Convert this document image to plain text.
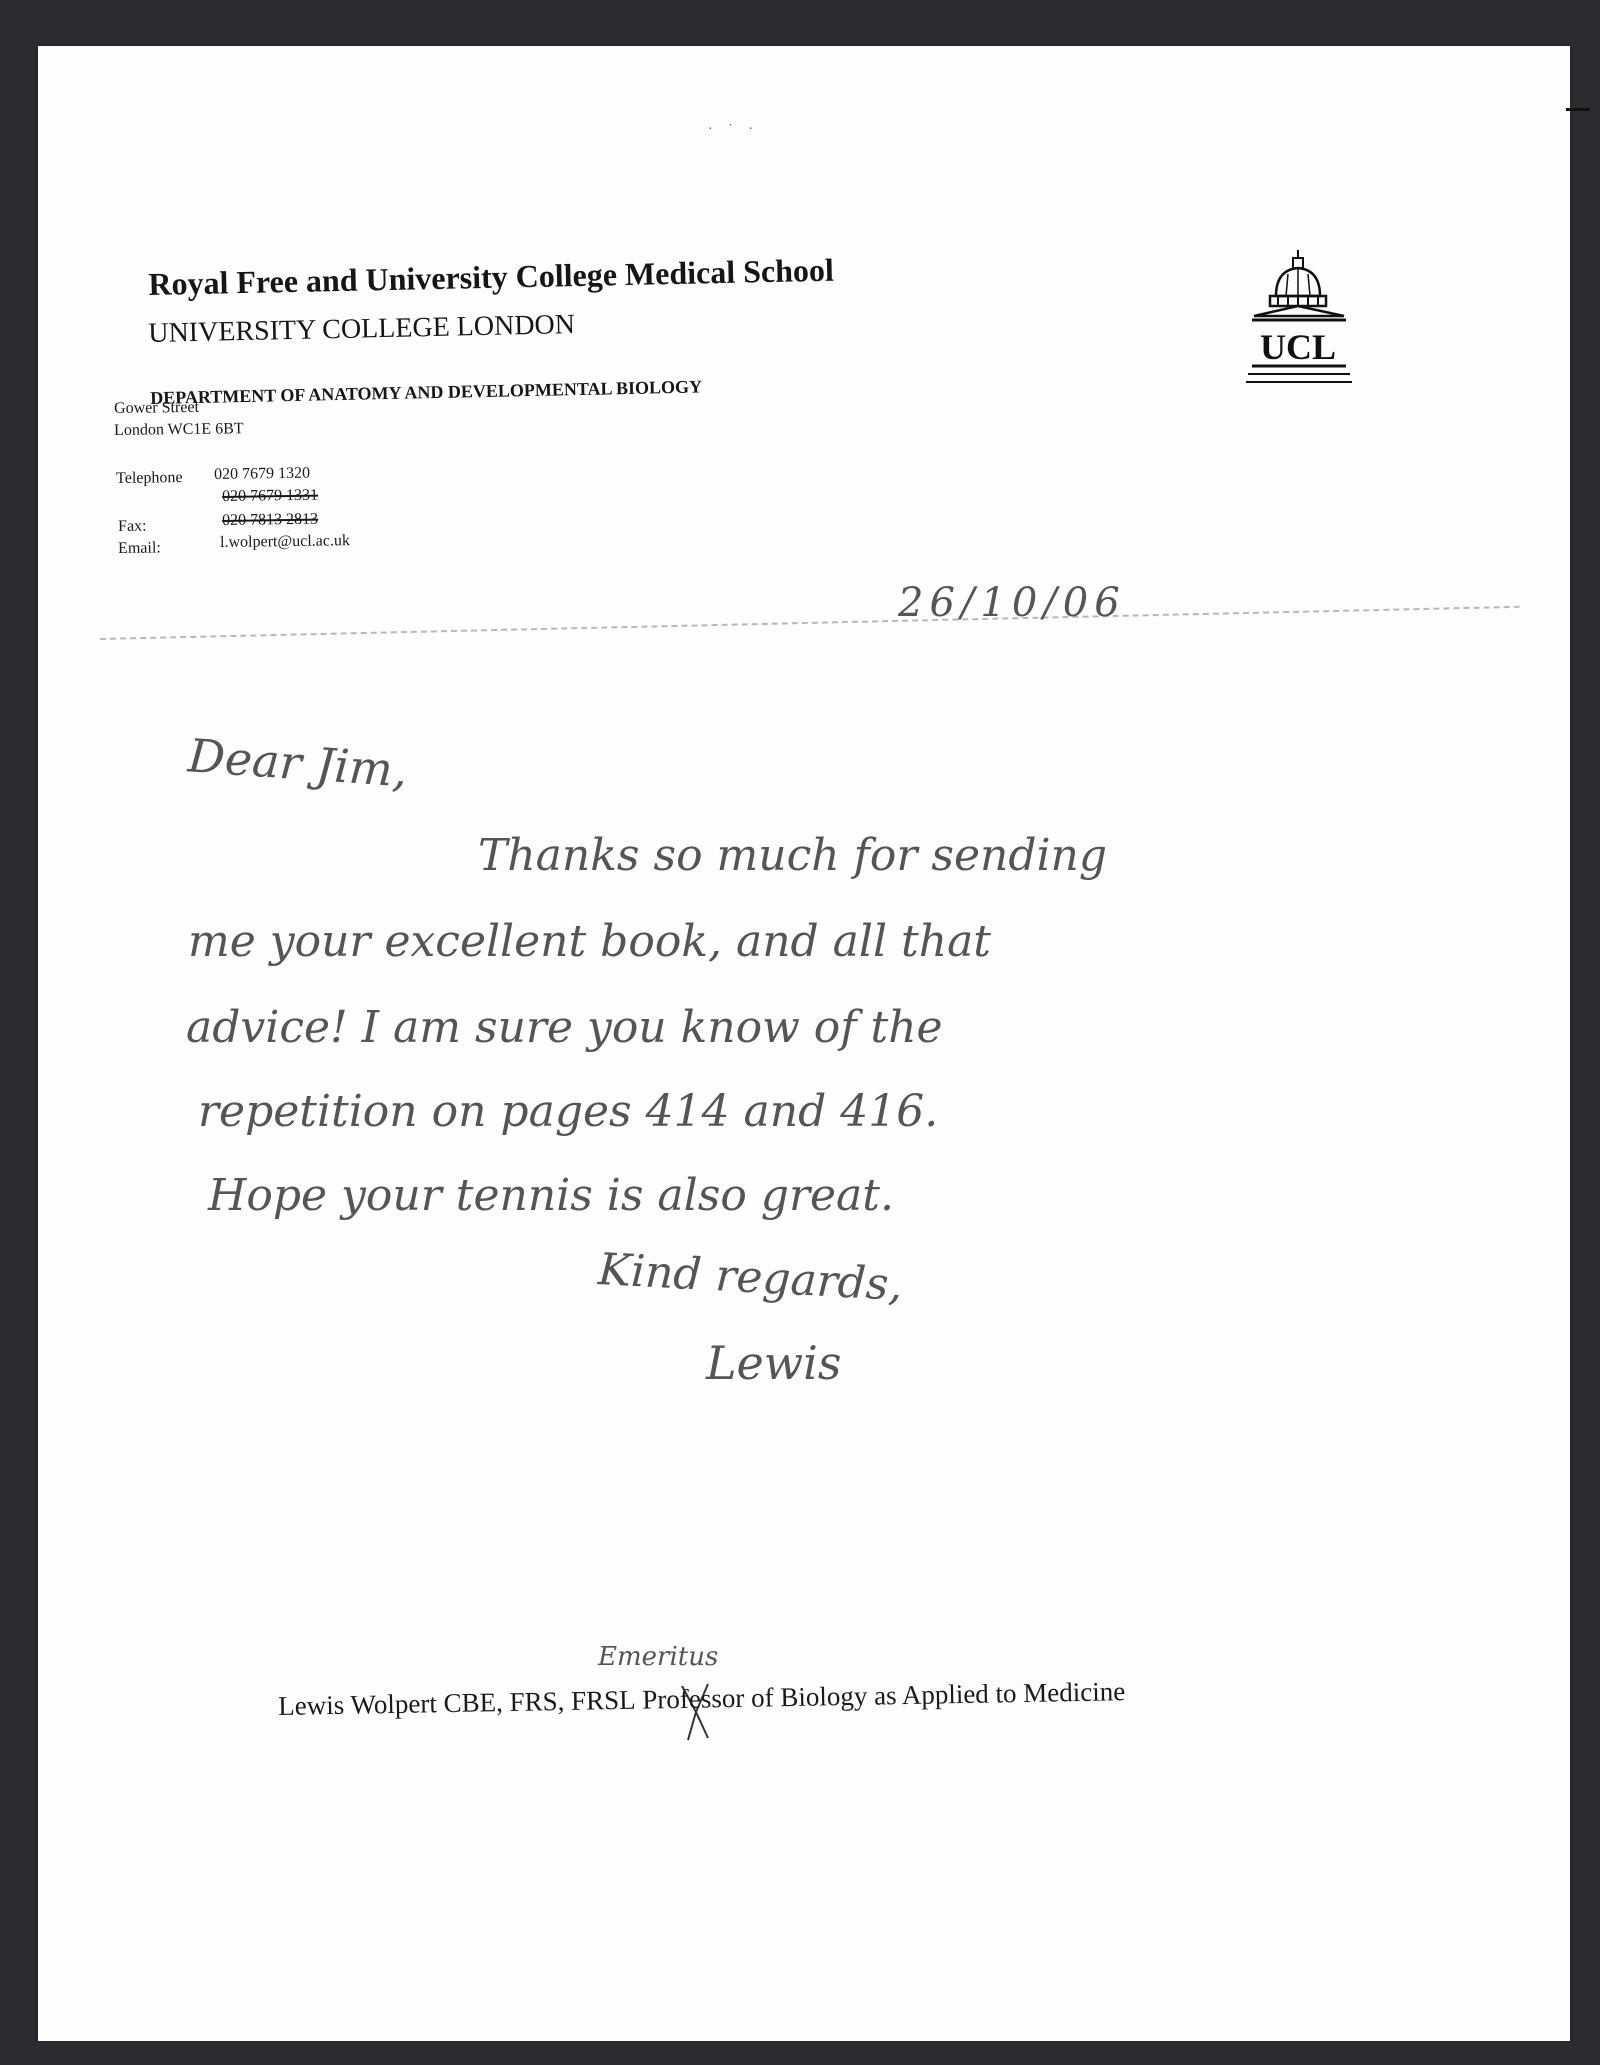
· ˙ ·
Royal Free and University College Medical School
UNIVERSITY COLLEGE LONDON
DEPARTMENT OF ANATOMY AND DEVELOPMENTAL BIOLOGY
UCL
Gower Street
London WC1E 6BT
Telephone 020 7679 1320
020 7679 1331
Fax:	020 7813 2813
Email:	l.wolpert@ucl.ac.uk
26/10/06
Dear Jim,
Thanks so much for sending
me your excellent book, and all that
advice! I am sure you know of the
repetition on pages 414 and 416.
Hope your tennis is also great.
Kind regards,
Lewis
Emeritus
Lewis Wolpert CBE, FRS, FRSL Professor of Biology as Applied to Medicine
